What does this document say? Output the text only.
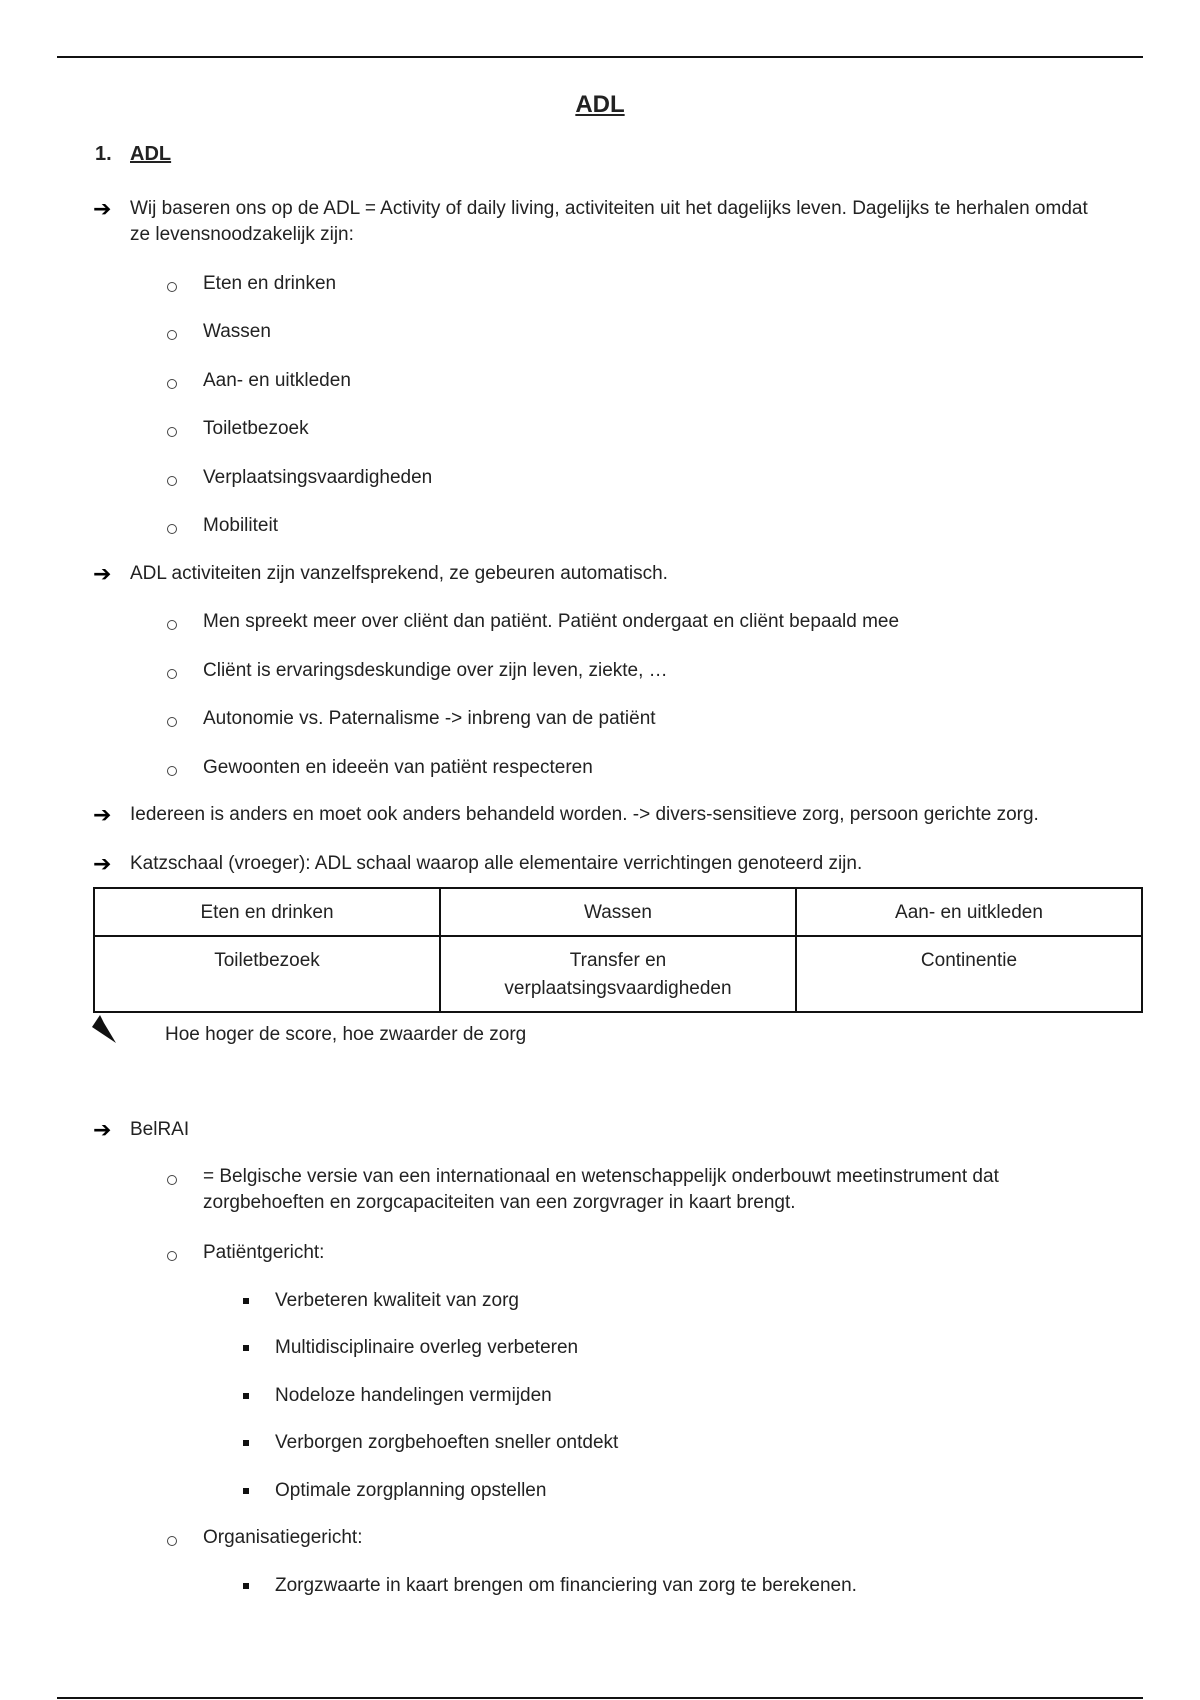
ADL
1. ADL
➔ Wij baseren ons op de ADL = Activity of daily living, activiteiten uit het dagelijks leven. Dagelijks te herhalen omdat ze levensnoodzakelijk zijn:
Eten en drinken
Wassen
Aan- en uitkleden
Toiletbezoek
Verplaatsingsvaardigheden
Mobiliteit
➔ ADL activiteiten zijn vanzelfsprekend, ze gebeuren automatisch.
Men spreekt meer over cliënt dan patiënt. Patiënt ondergaat en cliënt bepaald mee
Cliënt is ervaringsdeskundige over zijn leven, ziekte, …
Autonomie vs. Paternalisme -> inbreng van de patiënt
Gewoonten en ideeën van patiënt respecteren
➔ Iedereen is anders en moet ook anders behandeld worden. -> divers-sensitieve zorg, persoon gerichte zorg.
➔ Katzschaal (vroeger): ADL schaal waarop alle elementaire verrichtingen genoteerd zijn.
Eten en drinken	Wassen	Aan- en uitkleden
Toiletbezoek	Transfer en verplaatsingsvaardigheden	Continentie
Hoe hoger de score, hoe zwaarder de zorg
➔ BelRAI
= Belgische versie van een internationaal en wetenschappelijk onderbouwt meetinstrument dat zorgbehoeften en zorgcapaciteiten van een zorgvrager in kaart brengt.
Patiëntgericht:
Verbeteren kwaliteit van zorg
Multidisciplinaire overleg verbeteren
Nodeloze handelingen vermijden
Verborgen zorgbehoeften sneller ontdekt
Optimale zorgplanning opstellen
Organisatiegericht:
Zorgzwaarte in kaart brengen om financiering van zorg te berekenen.
